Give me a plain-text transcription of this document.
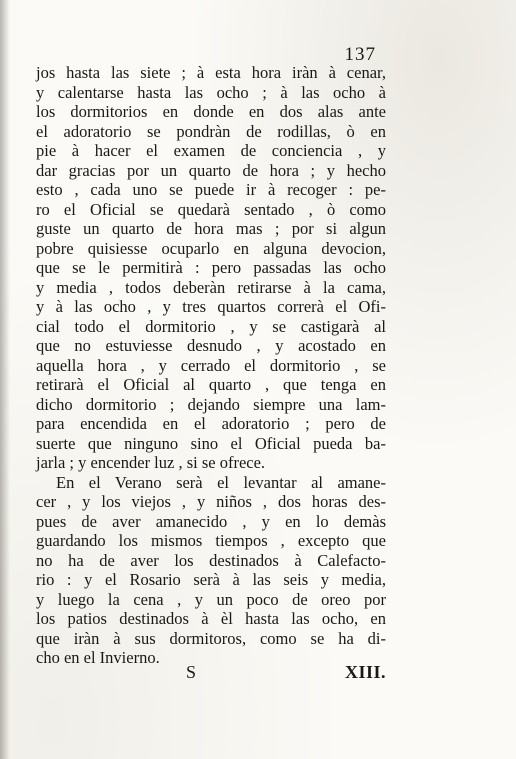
137
jos hasta las siete ; à esta hora iràn à cenar,
y calentarse hasta las ocho ; à las ocho à
los dormitorios en donde en dos alas ante
el adoratorio se pondràn de rodillas, ò en
pie à hacer el examen de conciencia , y
dar gracias por un quarto de hora ; y hecho
esto , cada uno se puede ir à recoger : pe-
ro el Oficial se quedarà sentado , ò como
guste un quarto de hora mas ; por si algun
pobre quisiesse ocuparlo en alguna devocion,
que se le permitirà : pero passadas las ocho
y media , todos deberàn retirarse à la cama,
y à las ocho , y tres quartos correrà el Ofi-
cial todo el dormitorio , y se castigarà al
que no estuviesse desnudo , y acostado en
aquella hora , y cerrado el dormitorio , se
retirarà el Oficial al quarto , que tenga en
dicho dormitorio ; dejando siempre una lam-
para encendida en el adoratorio ; pero de
suerte que ninguno sino el Oficial pueda ba-
jarla ; y encender luz , si se ofrece.
En el Verano serà el levantar al amane-
cer , y los viejos , y niños , dos horas des-
pues de aver amanecido , y en lo demàs
guardando los mismos tiempos , excepto que
no ha de aver los destinados à Calefacto-
rio : y el Rosario serà à las seis y media,
y luego la cena , y un poco de oreo por
los patios destinados à èl hasta las ocho, en
que iràn à sus dormitoros, como se ha di-
cho en el Invierno.
S	XIII.
